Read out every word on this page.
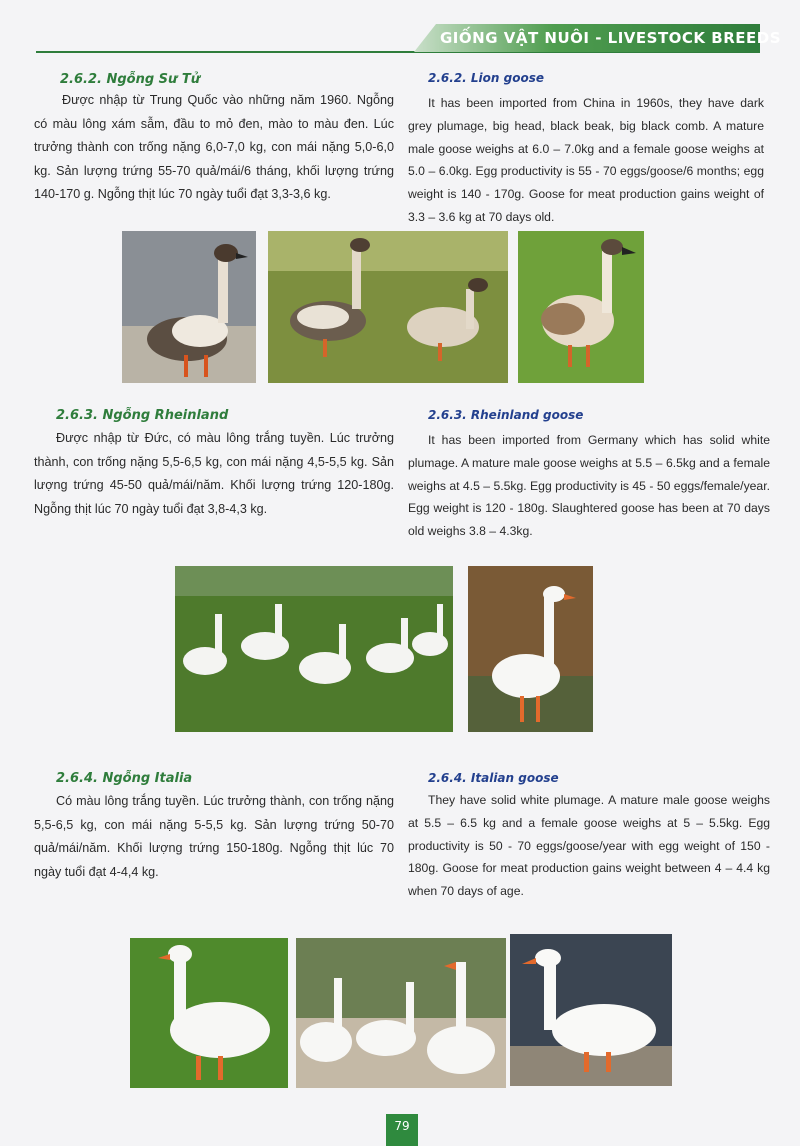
GIỐNG VẬT NUÔI - LIVESTOCK BREEDS
2.6.2. Ngỗng Sư Tử

Được nhập từ Trung Quốc vào những năm 1960. Ngỗng có màu lông xám sẫm, đầu to mỏ đen, mào to màu đen. Lúc trưởng thành con trống nặng 6,0-7,0 kg, con mái nặng 5,0-6,0 kg. Sản lượng trứng 55-70 quả/mái/6 tháng, khối lượng trứng 140-170 g. Ngỗng thịt lúc 70 ngày tuổi đạt 3,3-3,6 kg.

2.6.2. Lion goose

It has been imported from China in 1960s, they have dark grey plumage, big head, black beak, big black comb. A mature male goose weighs at 6.0 – 7.0kg and a female goose weighs at 5.0 – 6.0kg. Egg productivity is 55 - 70 eggs/goose/6 months; egg weight is 140 - 170g. Goose for meat production gains weight of 3.3 – 3.6 kg at 70 days old.

2.6.3. Ngỗng Rheinland

Được nhập từ Đức, có màu lông trắng tuyền. Lúc trưởng thành, con trống nặng 5,5-6,5 kg, con mái nặng 4,5-5,5 kg. Sản lượng trứng 45-50 quả/mái/năm. Khối lượng trứng 120-180g. Ngỗng thịt lúc 70 ngày tuổi đạt 3,8-4,3 kg.

2.6.3. Rheinland goose

It has been imported from Germany which has solid white plumage. A mature male goose weighs at 5.5 – 6.5kg and a female weighs at 4.5 – 5.5kg. Egg productivity is 45 - 50 eggs/female/year. Egg weight is 120 - 180g. Slaughtered goose has been at 70 days old weighs 3.8 – 4.3kg.

2.6.4. Ngỗng Italia

Có màu lông trắng tuyền. Lúc trưởng thành, con trống nặng 5,5-6,5 kg, con mái nặng 5-5,5 kg. Sản lượng trứng 50-70 quả/mái/năm. Khối lượng trứng 150-180g. Ngỗng thịt lúc 70 ngày tuổi đạt 4-4,4 kg.

2.6.4. Italian goose

They have solid white plumage. A mature male goose weighs at 5.5 – 6.5 kg and a female goose weighs at 5 – 5.5kg. Egg productivity is 50 - 70 eggs/goose/year with egg weight of 150 - 180g. Goose for meat production gains weight between 4 – 4.4 kg when 70 days of age.

79
